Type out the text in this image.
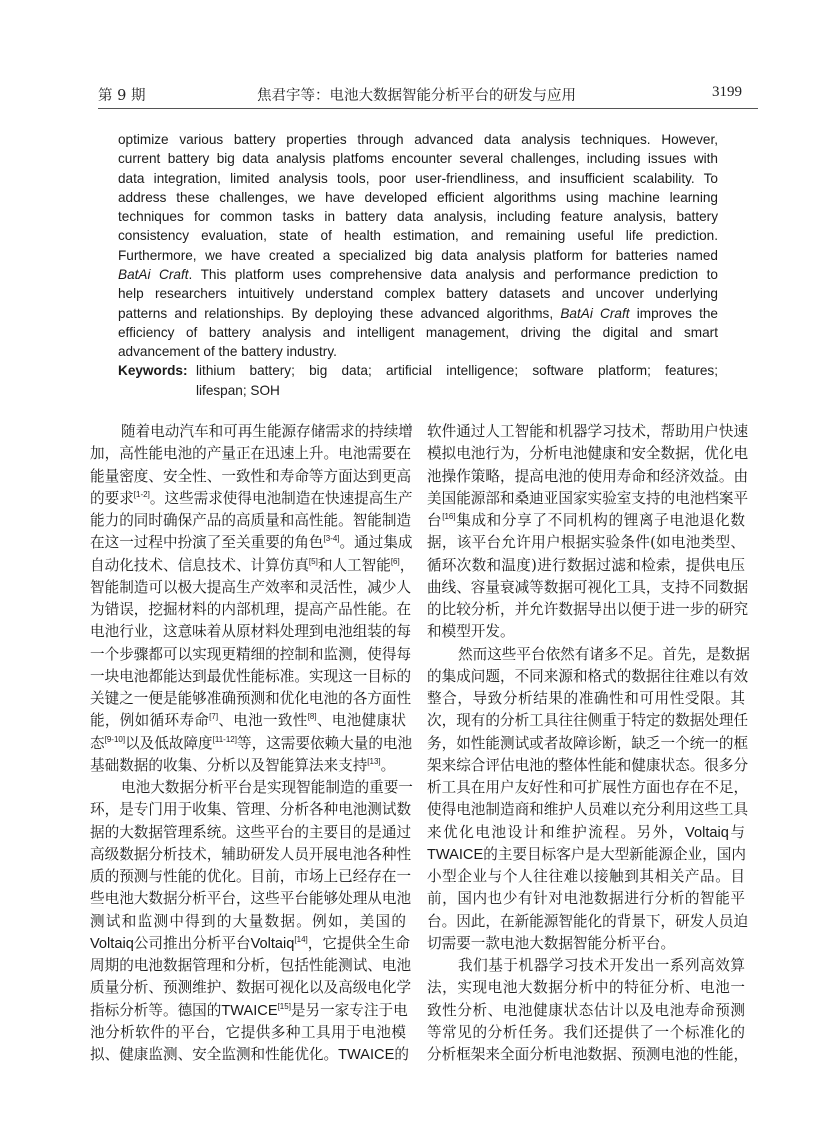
第 9 期	焦君宇等：电池大数据智能分析平台的研发与应用	3199
optimize various battery properties through advanced data analysis techniques. However,
current battery big data analysis platfoms encounter several challenges, including issues with
data integration, limited analysis tools, poor user-friendliness, and insufficient scalability. To
address these challenges, we have developed efficient algorithms using machine learning
techniques for common tasks in battery data analysis, including feature analysis, battery
consistency evaluation, state of health estimation, and remaining useful life prediction.
Furthermore, we have created a specialized big data analysis platform for batteries named
BatAi Craft. This platform uses comprehensive data analysis and performance prediction to
help researchers intuitively understand complex battery datasets and uncover underlying
patterns and relationships. By deploying these advanced algorithms, BatAi Craft improves the
efficiency of battery analysis and intelligent management, driving the digital and smart
advancement of the battery industry.
Keywords: lithium battery; big data; artificial intelligence; software platform; features;
lifespan; SOH
随着电动汽车和可再生能源存储需求的持续增
加，高性能电池的产量正在迅速上升。电池需要在
能量密度、安全性、一致性和寿命等方面达到更高
的要求[1-2]。这些需求使得电池制造在快速提高生产
能力的同时确保产品的高质量和高性能。智能制造
在这一过程中扮演了至关重要的角色[3-4]。通过集成
自动化技术、信息技术、计算仿真[5]和人工智能[6]，
智能制造可以极大提高生产效率和灵活性，减少人
为错误，挖掘材料的内部机理，提高产品性能。在
电池行业，这意味着从原材料处理到电池组装的每
一个步骤都可以实现更精细的控制和监测，使得每
一块电池都能达到最优性能标准。实现这一目标的
关键之一便是能够准确预测和优化电池的各方面性
能，例如循环寿命[7]、电池一致性[8]、电池健康状
态[9-10]以及低故障度[11-12]等，这需要依赖大量的电池
基础数据的收集、分析以及智能算法来支持[13]。
电池大数据分析平台是实现智能制造的重要一
环，是专门用于收集、管理、分析各种电池测试数
据的大数据管理系统。这些平台的主要目的是通过
高级数据分析技术，辅助研发人员开展电池各种性
质的预测与性能的优化。目前，市场上已经存在一
些电池大数据分析平台，这些平台能够处理从电池
测试和监测中得到的大量数据。例如，美国的
Voltaiq公司推出分析平台Voltaiq[14]，它提供全生命
周期的电池数据管理和分析，包括性能测试、电池
质量分析、预测维护、数据可视化以及高级电化学
指标分析等。德国的TWAICE[15]是另一家专注于电
池分析软件的平台，它提供多种工具用于电池模
拟、健康监测、安全监测和性能优化。TWAICE的
软件通过人工智能和机器学习技术，帮助用户快速
模拟电池行为，分析电池健康和安全数据，优化电
池操作策略，提高电池的使用寿命和经济效益。由
美国能源部和桑迪亚国家实验室支持的电池档案平
台[16]集成和分享了不同机构的锂离子电池退化数
据，该平台允许用户根据实验条件(如电池类型、
循环次数和温度)进行数据过滤和检索，提供电压
曲线、容量衰减等数据可视化工具，支持不同数据
的比较分析，并允许数据导出以便于进一步的研究
和模型开发。
然而这些平台依然有诸多不足。首先，是数据
的集成问题，不同来源和格式的数据往往难以有效
整合，导致分析结果的准确性和可用性受限。其
次，现有的分析工具往往侧重于特定的数据处理任
务，如性能测试或者故障诊断，缺乏一个统一的框
架来综合评估电池的整体性能和健康状态。很多分
析工具在用户友好性和可扩展性方面也存在不足，
使得电池制造商和维护人员难以充分利用这些工具
来优化电池设计和维护流程。另外，Voltaiq与
TWAICE的主要目标客户是大型新能源企业，国内
小型企业与个人往往难以接触到其相关产品。目
前，国内也少有针对电池数据进行分析的智能平
台。因此，在新能源智能化的背景下，研发人员迫
切需要一款电池大数据智能分析平台。
我们基于机器学习技术开发出一系列高效算
法，实现电池大数据分析中的特征分析、电池一
致性分析、电池健康状态估计以及电池寿命预测
等常见的分析任务。我们还提供了一个标准化的
分析框架来全面分析电池数据、预测电池的性能，
